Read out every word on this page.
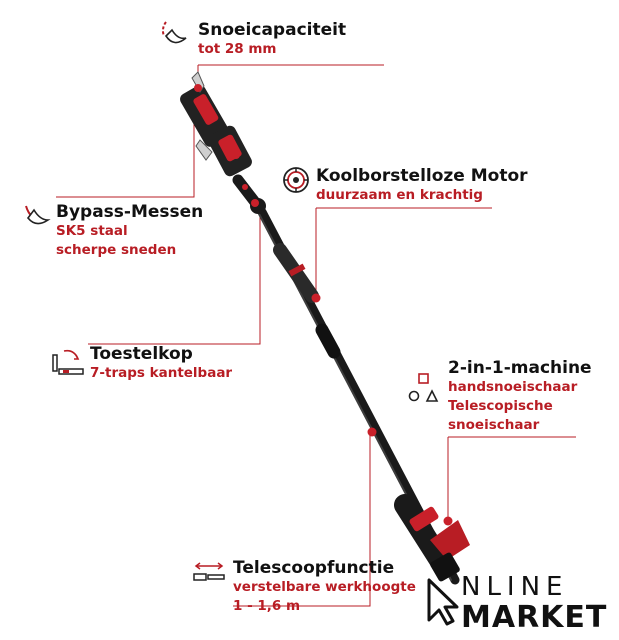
Snoeicapaciteit
tot 28 mm
Bypass-Messen
SK5 staal
scherpe sneden
Koolborstelloze Motor
duurzaam en krachtig
Toestelkop
7-traps kantelbaar	2-in-1-machine
handsnoeischaar
Telescopische
snoeischaar
Telescoopfunctie
verstelbare werkhoogte
1 - 1,6 m
NLINE
MARKET
